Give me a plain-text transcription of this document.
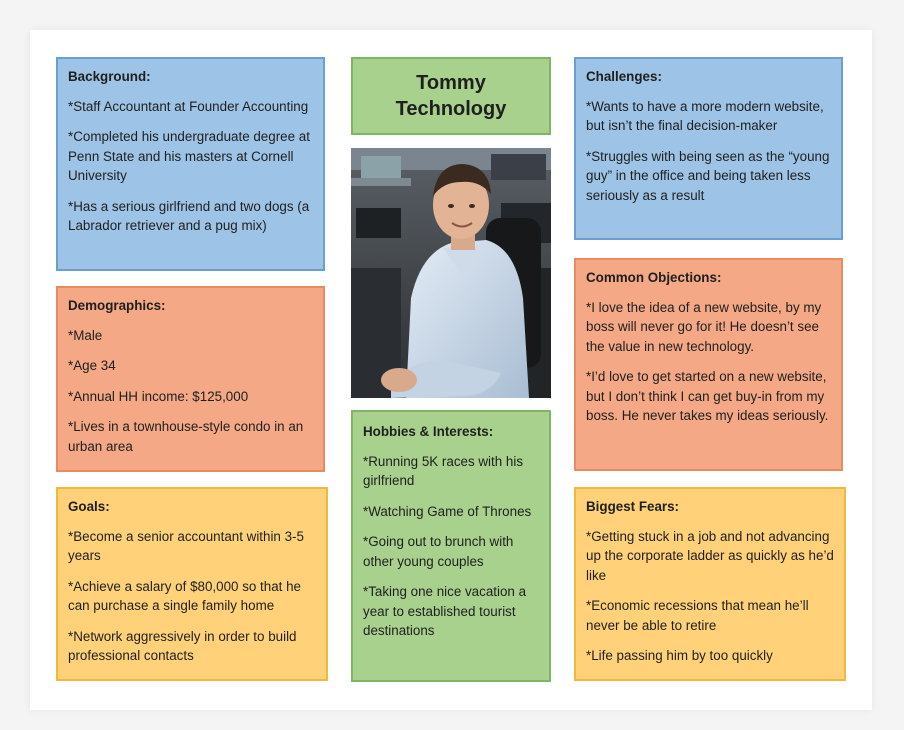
Background:

*Staff Accountant at Founder Accounting

*Completed his undergraduate degree at Penn State and his masters at Cornell University

*Has a serious girlfriend and two dogs (a Labrador retriever and a pug mix)

Demographics:

*Male

*Age 34

*Annual HH income: $125,000

*Lives in a townhouse-style condo in an urban area

Goals:

*Become a senior accountant within 3-5 years

*Achieve a salary of $80,000 so that he can purchase a single family home

*Network aggressively in order to build professional contacts

Tommy
Technology
Hobbies & Interests:

*Running 5K races with his girlfriend

*Watching Game of Thrones

*Going out to brunch with other young couples

*Taking one nice vacation a year to established tourist destinations

Challenges:

*Wants to have a more modern website, but isn’t the final decision-maker

*Struggles with being seen as the “young guy” in the office and being taken less seriously as a result

Common Objections:

*I love the idea of a new website, by my boss will never go for it! He doesn’t see the value in new technology.

*I’d love to get started on a new website, but I don’t think I can get buy-in from my boss. He never takes my ideas seriously.

Biggest Fears:

*Getting stuck in a job and not advancing up the corporate ladder as quickly as he’d like

*Economic recessions that mean he’ll never be able to retire

*Life passing him by too quickly
